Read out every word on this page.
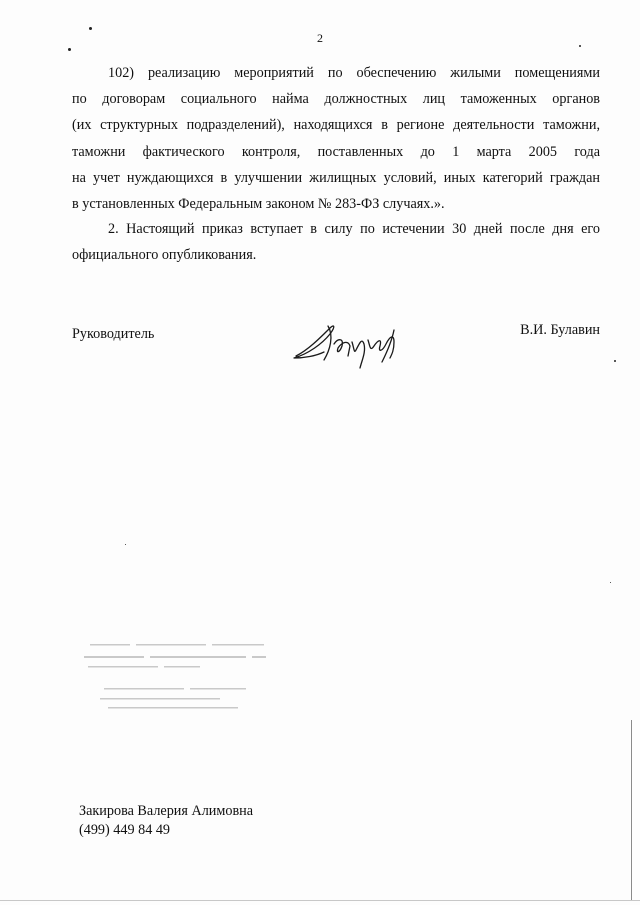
2
102) реализацию мероприятий по обеспечению жилыми помещениями
по договорам социального найма должностных лиц таможенных органов
(их структурных подразделений), находящихся в регионе деятельности таможни,
таможни фактического контроля, поставленных до 1 марта 2005 года
на учет нуждающихся в улучшении жилищных условий, иных категорий граждан
в установленных Федеральным законом № 283-ФЗ случаях.».
2. Настоящий приказ вступает в силу по истечении 30 дней после дня его
официального опубликования.
Руководитель	В.И. Булавин
Закирова Валерия Алимовна
(499) 449 84 49
